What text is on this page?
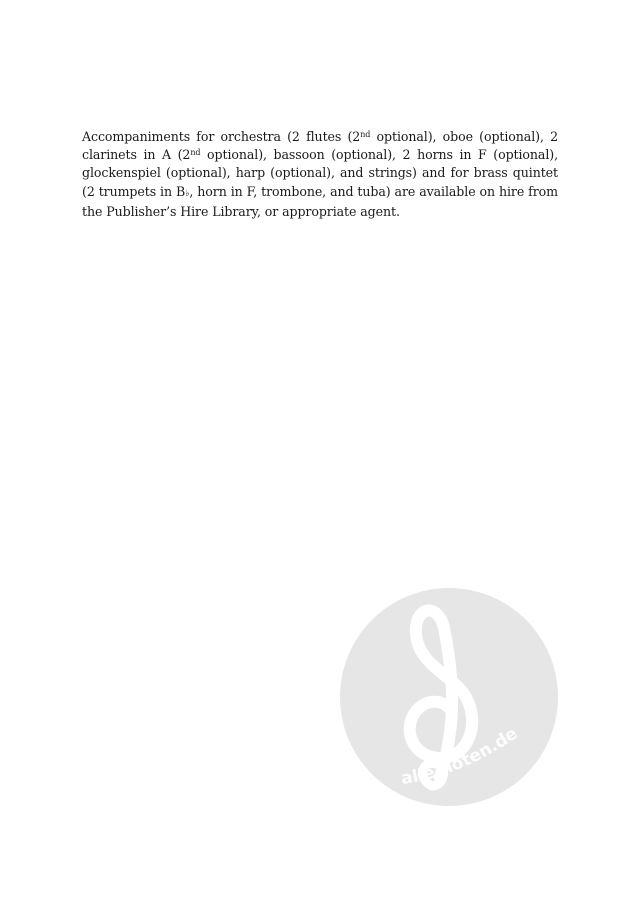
Accompaniments for orchestra (2 flutes (2nd optional), oboe (optional), 2 clarinets in A (2nd optional), bassoon (optional), 2 horns in F (optional), glockenspiel (optional), harp (optional), and strings) and for brass quintet (2 trumpets in B♭, horn in F, trombone, and tuba) are available on hire from the Publisher’s Hire Library, or appropriate agent.

alle-noten.de
